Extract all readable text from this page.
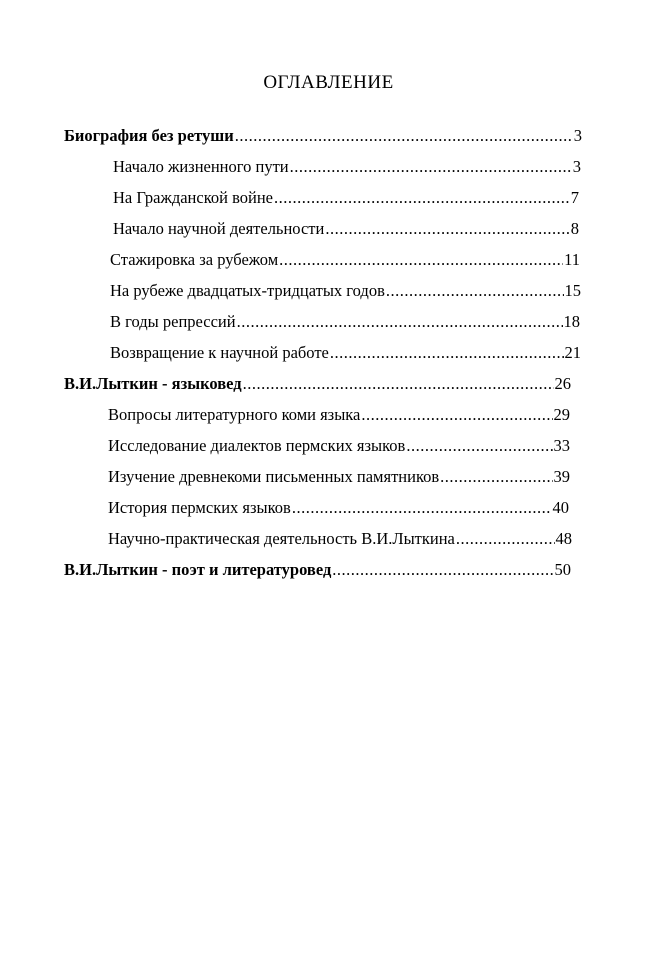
ОГЛАВЛЕНИЕ
Биография без ретуши .....	3
Начало жизненного пути .....	3
На Гражданской войне .....	7
Начало научной деятельности .....	8
Стажировка за рубежом .....	11
На рубеже двадцатых-тридцатых годов .....	15
В годы репрессий .....	18
Возвращение к научной работе .....	21
В.И.Лыткин - языковед .....	26
Вопросы литературного коми языка .....	29
Исследование диалектов пермских языков .....	33
Изучение древнекоми письменных памятников .....	39
История пермских языков .....	40
Научно-практическая деятельность В.И.Лыткина .....	48
В.И.Лыткин - поэт и литературовед .....	50
